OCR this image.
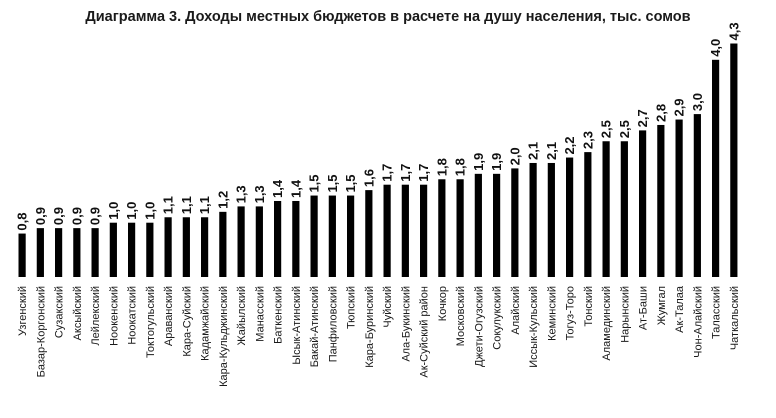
Диаграмма 3. Доходы местных бюджетов в расчете на душу населения, тыс. сомов
0,8 0,9 0,9 0,9 0,9 1,0 1,0 1,0 1,1 1,1 1,1 1,2 1,3 1,3 1,4 1,4 1,5 1,5 1,5 1,6 1,7 1,7 1,7 1,8 1,8 1,9 1,9 2,0 2,1 2,1 2,2 2,3
2,5 2,5
2,7 2,8 2,9 3,0
4,0
4,3
Узгенский Базар-Коргонский Сузакский Аксыйский Лейлекский Ноокенский Ноокатский Токтогульский Араванский Кара-Суйский Кадамжайский Кара-Кульджинский Жайылский Манасский Баткенский Ысык-Атинский Бакай-Атинский Панфиловский Тюпский Кара-Буринский Чуйский Ала-Букинский Ак-Суйский район Кочкор Московский Джети-Огузский Сокулукский Алайский Иссык-Кульский Кеминский Тогуз-Торо Тонский Аламединский Нарынский Ат-Баши Жумгал Ак-Талаа Чон-Алайский Таласский Чаткальский
